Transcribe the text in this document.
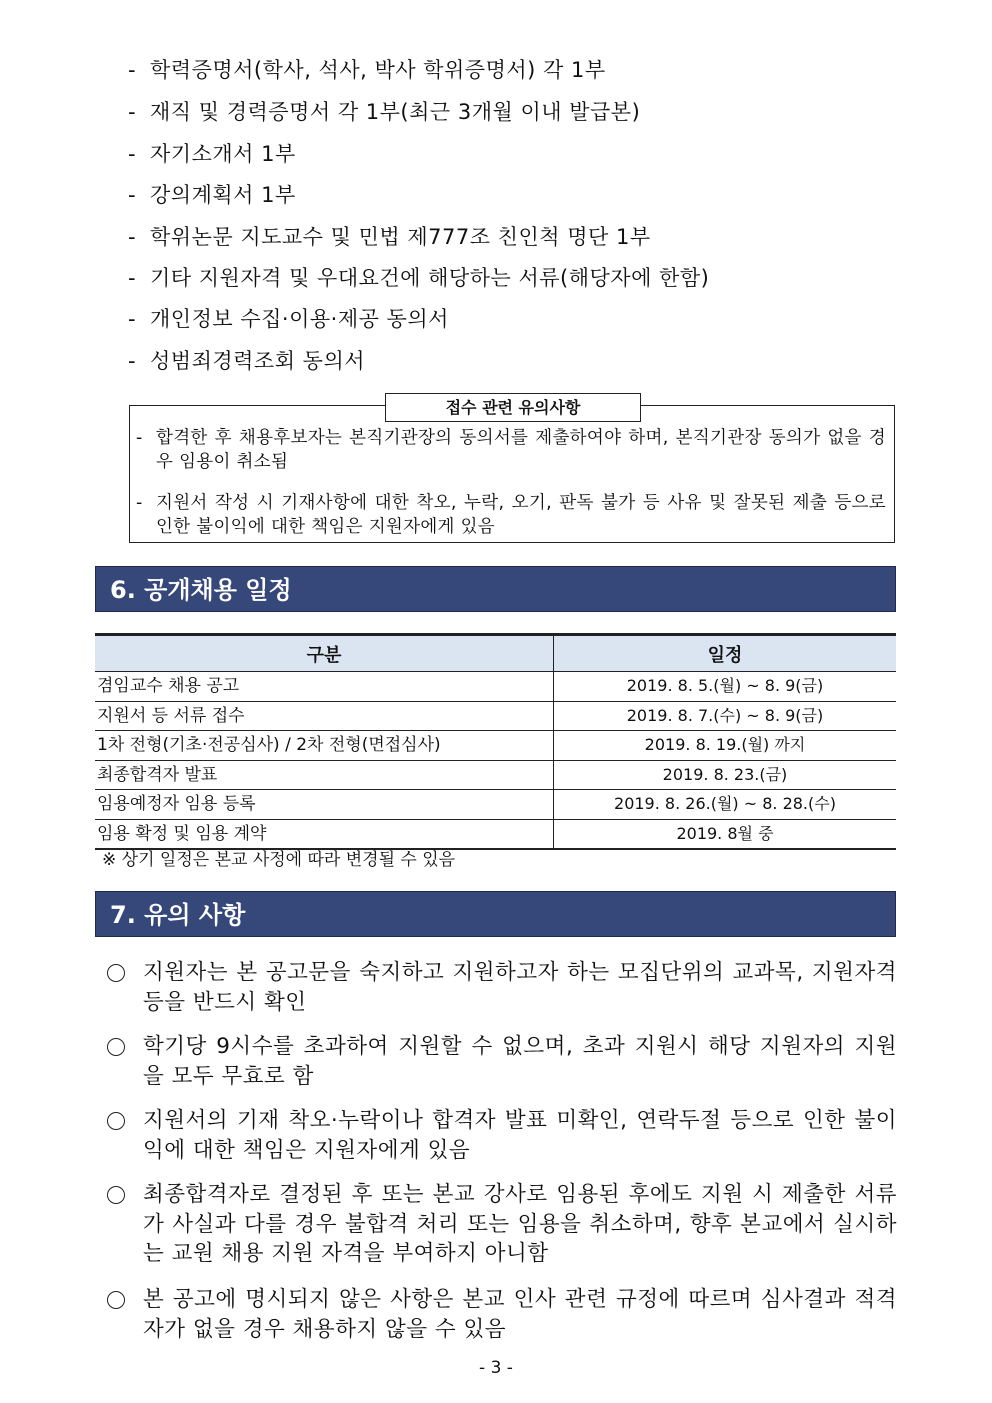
- 학력증명서(학사, 석사, 박사 학위증명서) 각 1부
- 재직 및 경력증명서 각 1부(최근 3개월 이내 발급본)
- 자기소개서 1부
- 강의계획서 1부
- 학위논문 지도교수 및 민법 제777조 친인척 명단 1부
- 기타 지원자격 및 우대요건에 해당하는 서류(해당자에 한함)
- 개인정보 수집·이용·제공 동의서
- 성범죄경력조회 동의서
접수 관련 유의사항
- 합격한 후 채용후보자는 본직기관장의 동의서를 제출하여야 하며, 본직기관장 동의가 없을 경우 임용이 취소됨
- 지원서 작성 시 기재사항에 대한 착오, 누락, 오기, 판독 불가 등 사유 및 잘못된 제출 등으로 인한 불이익에 대한 책임은 지원자에게 있음
6. 공개채용 일정
구분	일정
겸임교수 채용 공고	2019. 8. 5.(월) ~ 8. 9(금)
지원서 등 서류 접수	2019. 8. 7.(수) ~ 8. 9(금)
1차 전형(기초·전공심사) / 2차 전형(면접심사)	2019. 8. 19.(월) 까지
최종합격자 발표	2019. 8. 23.(금)
임용예정자 임용 등록	2019. 8. 26.(월) ~ 8. 28.(수)
임용 확정 및 임용 계약	2019. 8월 중
※ 상기 일정은 본교 사정에 따라 변경될 수 있음
7. 유의 사항
지원자는 본 공고문을 숙지하고 지원하고자 하는 모집단위의 교과목, 지원자격 등을 반드시 확인
학기당 9시수를 초과하여 지원할 수 없으며, 초과 지원시 해당 지원자의 지원을 모두 무효로 함
지원서의 기재 착오·누락이나 합격자 발표 미확인, 연락두절 등으로 인한 불이익에 대한 책임은 지원자에게 있음
최종합격자로 결정된 후 또는 본교 강사로 임용된 후에도 지원 시 제출한 서류가 사실과 다를 경우 불합격 처리 또는 임용을 취소하며, 향후 본교에서 실시하는 교원 채용 지원 자격을 부여하지 아니함
본 공고에 명시되지 않은 사항은 본교 인사 관련 규정에 따르며 심사결과 적격자가 없을 경우 채용하지 않을 수 있음
- 3 -
